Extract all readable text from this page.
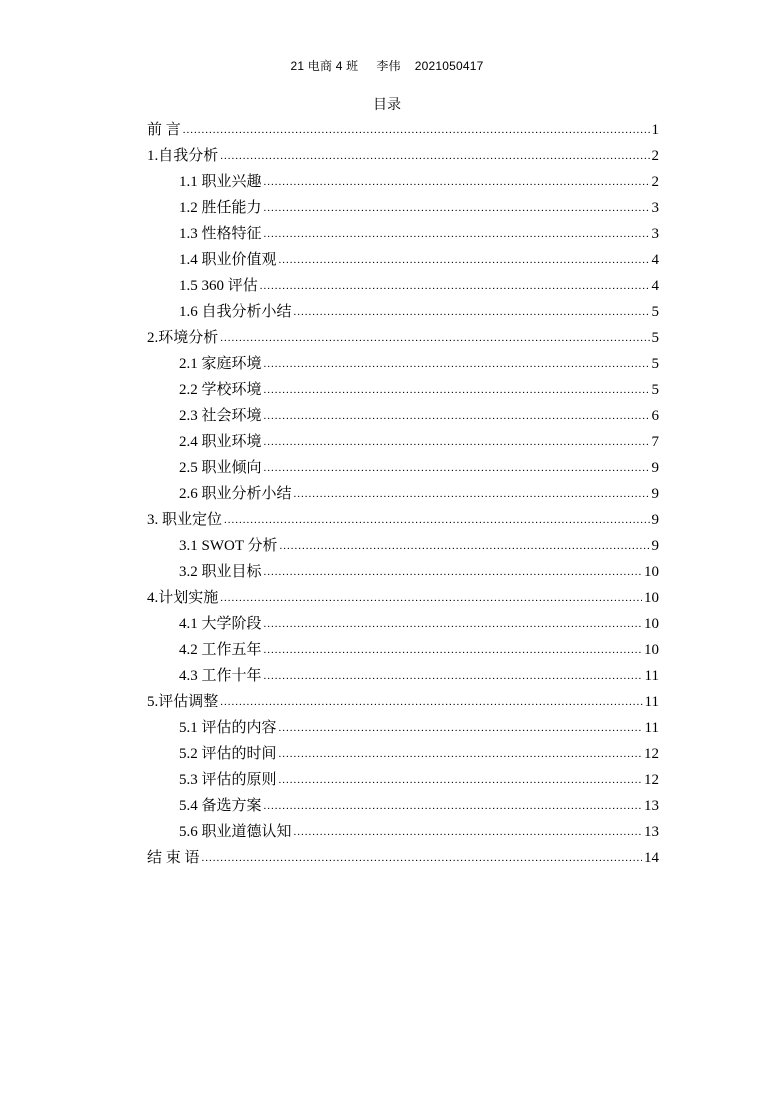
21 电商 4 班 李伟 2021050417
目录
前 言 .....	1
1.自我分析 .....	2
1.1 职业兴趣 .....	2
1.2 胜任能力 .....	3
1.3 性格特征 .....	3
1.4 职业价值观 .....	4
1.5 360 评估 .....	4
1.6 自我分析小结 .....	5
2.环境分析 .....	5
2.1 家庭环境 .....	5
2.2 学校环境 .....	5
2.3 社会环境 .....	6
2.4 职业环境 .....	7
2.5 职业倾向 .....	9
2.6 职业分析小结 .....	9
3. 职业定位 .....	9
3.1 SWOT 分析 .....	9
3.2 职业目标 .....	10
4.计划实施 .....	10
4.1 大学阶段 .....	10
4.2 工作五年 .....	10
4.3 工作十年 .....	11
5.评估调整 .....	11
5.1 评估的内容 .....	11
5.2 评估的时间 .....	12
5.3 评估的原则 .....	12
5.4 备选方案 .....	13
5.6 职业道德认知 .....	13
结 束 语 .....	14
